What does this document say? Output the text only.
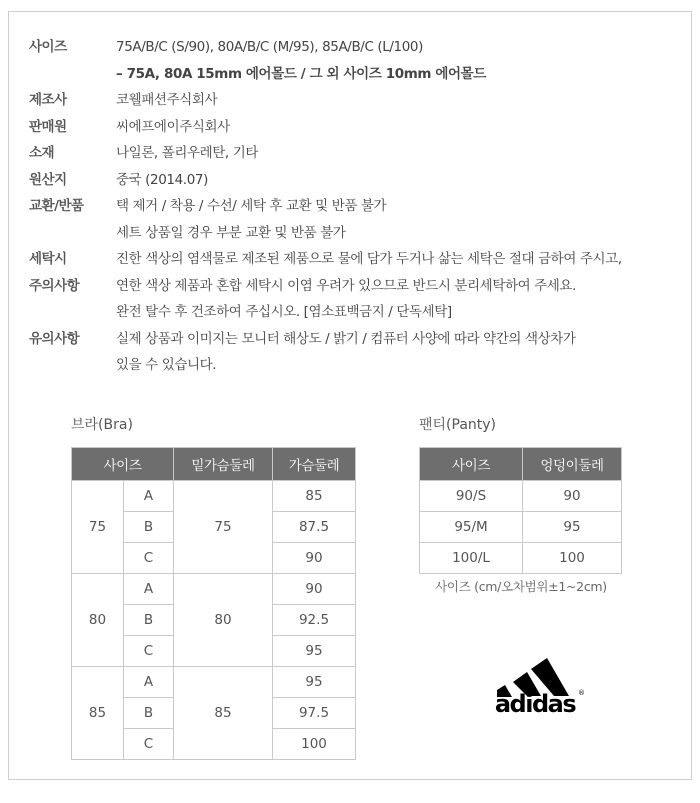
사이즈	75A/B/C (S/90), 80A/B/C (M/95), 85A/B/C (L/100)
– 75A, 80A 15mm 에어몰드 / 그 외 사이즈 10mm 에어몰드
제조사	코웰패션주식회사
판매원	씨에프에이주식회사
소재	나일론, 폴리우레탄, 기타
원산지	중국 (2014.07)
교환/반품	택 제거 / 착용 / 수선/ 세탁 후 교환 및 반품 불가
세트 상품일 경우 부분 교환 및 반품 불가
세탁시	진한 색상의 염색물로 제조된 제품으로 물에 담가 두거나 삶는 세탁은 절대 금하여 주시고,
주의사항	연한 색상 제품과 혼합 세탁시 이염 우려가 있으므로 반드시 분리세탁하여 주세요.
완전 탈수 후 건조하여 주십시오. [염소표백금지 / 단독세탁]
유의사항	실제 상품과 이미지는 모니터 해상도 / 밝기 / 컴퓨터 사양에 따라 약간의 색상차가
있을 수 있습니다.
브라(Bra)
사이즈		밑가슴둘레	가슴둘레
75	A	75	85
	B		87.5
	C		90
80	A	80	90
	B		92.5
	C		95
85	A	85	95
	B		97.5
	C		100
팬티(Panty)
사이즈	엉덩이둘레
90/S	90
95/M	95
100/L	100
사이즈 (cm/오차범위±1~2cm)
adidas ®
